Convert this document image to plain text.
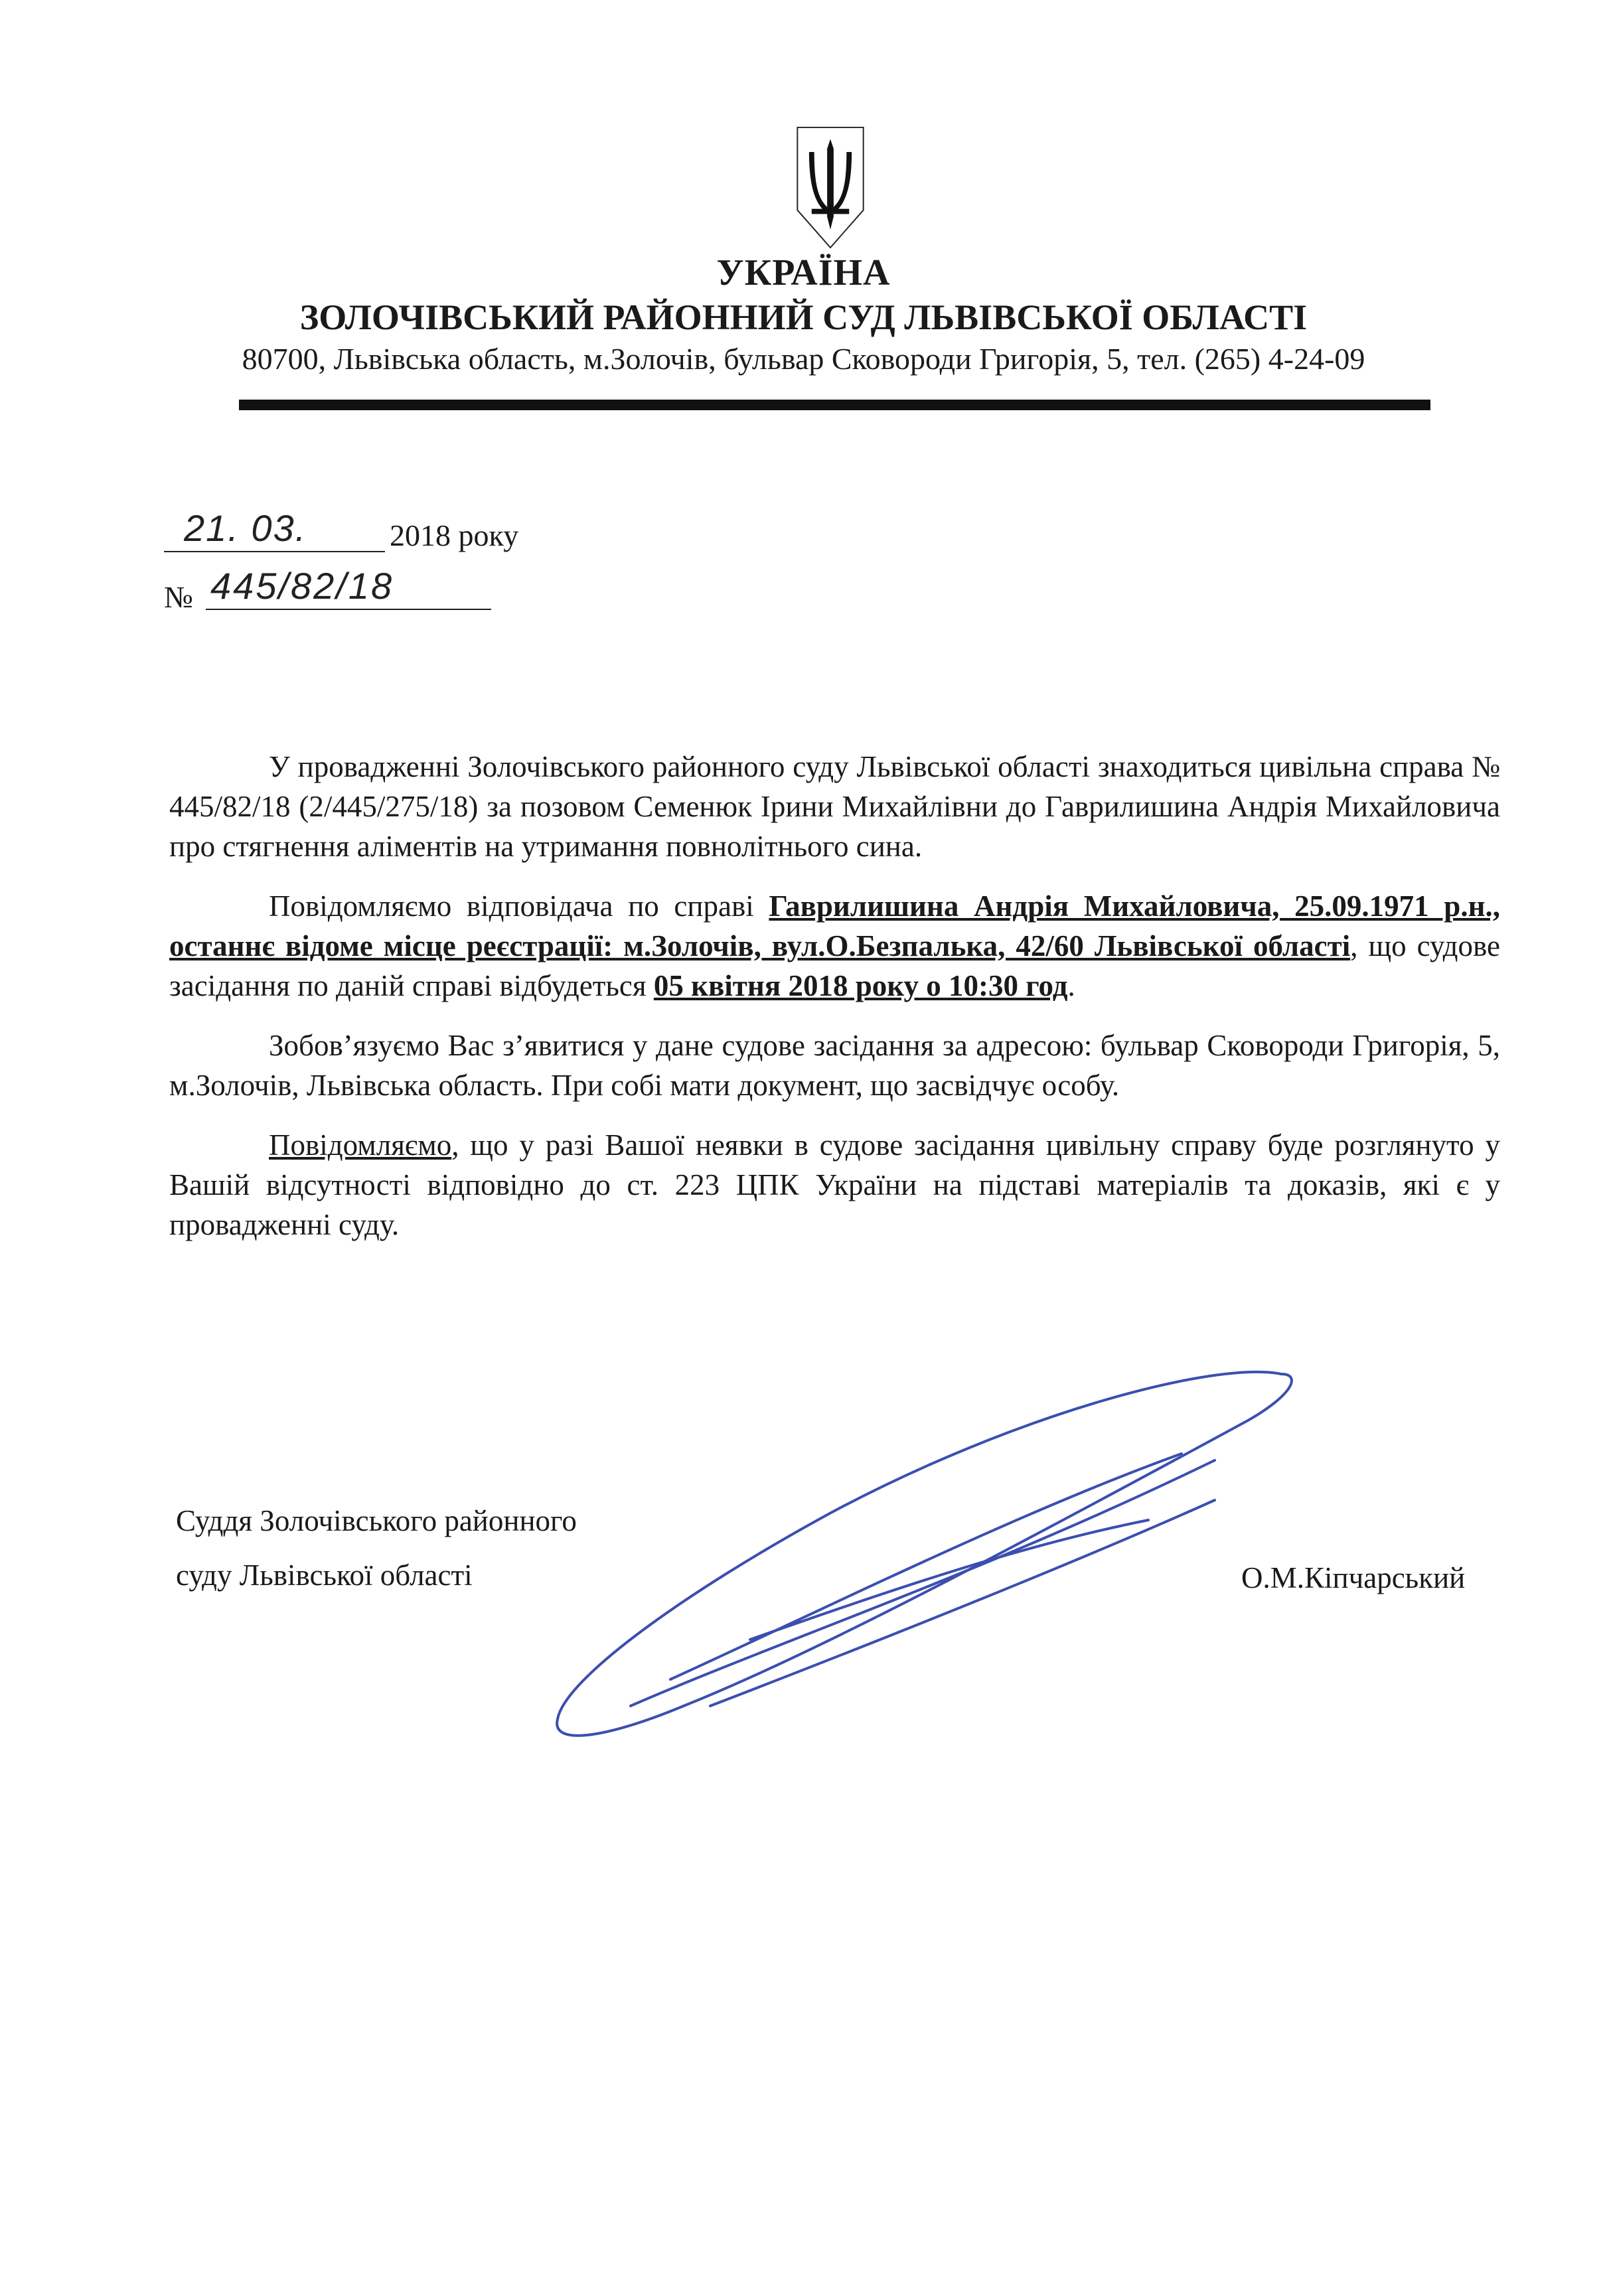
УКРАЇНА
ЗОЛОЧІВСЬКИЙ РАЙОННИЙ СУД ЛЬВІВСЬКОЇ ОБЛАСТІ
80700, Львівська область, м.Золочів, бульвар Сковороди Григорія, 5, тел. (265) 4-24-09
21. 03.	2018 року
№ 445/82/18

У провадженні Золочівського районного суду Львівської області знаходиться цивільна справа № 445/82/18 (2/445/275/18) за позовом Семенюк Ірини Михайлівни до Гаврилишина Андрія Михайловича про стягнення аліментів на утримання повнолітнього сина.

Повідомляємо відповідача по справі Гаврилишина Андрія Михайловича, 25.09.1971 р.н., останнє відоме місце реєстрації: м.Золочів, вул.О.Безпалька, 42/60 Львівської області, що судове засідання по даній справі відбудеться 05 квітня 2018 року о 10:30 год.

Зобов’язуємо Вас з’явитися у дане судове засідання за адресою: бульвар Сковороди Григорія, 5, м.Золочів, Львівська область. При собі мати документ, що засвідчує особу.

Повідомляємо, що у разі Вашої неявки в судове засідання цивільну справу буде розглянуто у Вашій відсутності відповідно до ст. 223 ЦПК України на підставі матеріалів та доказів, які є у провадженні суду.

Суддя Золочівського районного
суду Львівської області	О.М.Кіпчарський
